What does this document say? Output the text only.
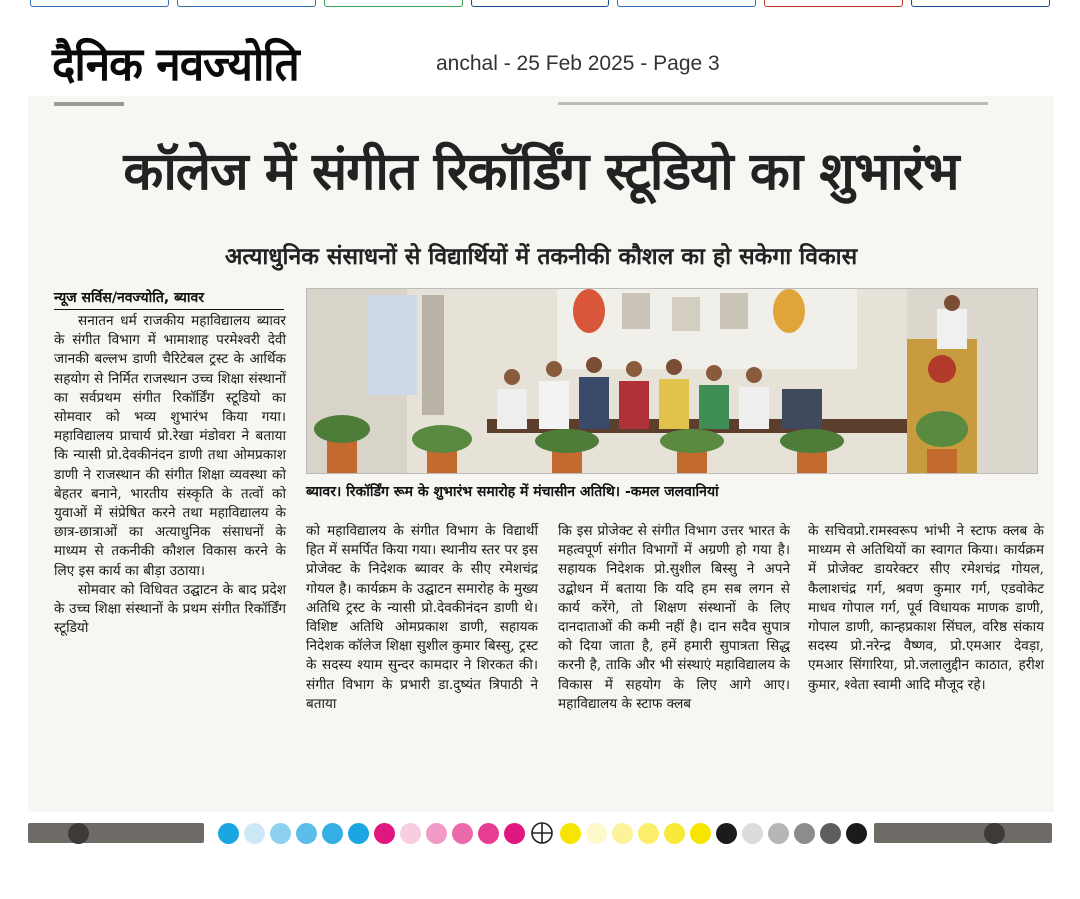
दैनिक नवज्योति	anchal - 25 Feb 2025 - Page 3
कॉलेज में संगीत रिकॉर्डिंग स्टूडियो का शुभारंभ
अत्याधुनिक संसाधनों से विद्यार्थियों में तकनीकी कौशल का हो सकेगा विकास
न्यूज सर्विस/नवज्योति, ब्यावर

सनातन धर्म राजकीय महाविद्यालय ब्यावर के संगीत विभाग में भामाशाह परमेश्वरी देवी जानकी बल्लभ डाणी चैरिटेबल ट्रस्ट के आर्थिक सहयोग से निर्मित राजस्थान उच्च शिक्षा संस्थानों का सर्वप्रथम संगीत रिकॉर्डिंग स्टूडियो का सोमवार को भव्य शुभारंभ किया गया। महाविद्यालय प्राचार्य प्रो.रेखा मंडोवरा ने बताया कि न्यासी प्रो.देवकीनंदन डाणी तथा ओमप्रकाश डाणी ने राजस्थान की संगीत शिक्षा व्यवस्था को बेहतर बनाने, भारतीय संस्कृति के तत्वों को युवाओं में संप्रेषित करने तथा महाविद्यालय के छात्र-छात्राओं का अत्याधुनिक संसाधनों के माध्यम से तकनीकी कौशल विकास करने के लिए इस कार्य का बीड़ा उठाया।

सोमवार को विधिवत उद्घाटन के बाद प्रदेश के उच्च शिक्षा संस्थानों के प्रथम संगीत रिकॉर्डिंग स्टूडियो

ब्यावर। रिकॉर्डिंग रूम के शुभारंभ समारोह में मंचासीन अतिथि। -कमल जलवानियां

को महाविद्यालय के संगीत विभाग के विद्यार्थी हित में समर्पित किया गया। स्थानीय स्तर पर इस प्रोजेक्ट के निदेशक ब्यावर के सीए रमेशचंद्र गोयल है। कार्यक्रम के उद्घाटन समारोह के मुख्य अतिथि ट्रस्ट के न्यासी प्रो.देवकीनंदन डाणी थे। विशिष्ट अतिथि ओमप्रकाश डाणी, सहायक निदेशक कॉलेज शिक्षा सुशील कुमार बिस्सु, ट्रस्ट के सदस्य श्याम सुन्दर कामदार ने शिरकत की। संगीत विभाग के प्रभारी डा.दुष्यंत त्रिपाठी ने बताया

कि इस प्रोजेक्ट से संगीत विभाग उत्तर भारत के महत्वपूर्ण संगीत विभागों में अग्रणी हो गया है। सहायक निदेशक प्रो.सुशील बिस्सु ने अपने उद्बोधन में बताया कि यदि हम सब लगन से कार्य करेंगे, तो शिक्षण संस्थानों के लिए दानदाताओं की कमी नहीं है। दान सदैव सुपात्र को दिया जाता है, हमें हमारी सुपात्रता सिद्ध करनी है, ताकि और भी संस्थाएं महाविद्यालय के विकास में सहयोग के लिए आगे आए। महाविद्यालय के स्टाफ क्लब

के सचिवप्रो.रामस्वरूप भांभी ने स्टाफ क्लब के माध्यम से अतिथियों का स्वागत किया। कार्यक्रम में प्रोजेक्ट डायरेक्टर सीए रमेशचंद्र गोयल, कैलाशचंद्र गर्ग, श्रवण कुमार गर्ग, एडवोकेट माधव गोपाल गर्ग, पूर्व विधायक माणक डाणी, गोपाल डाणी, कान्हप्रकाश सिंघल, वरिष्ठ संकाय सदस्य प्रो.नरेन्द्र वैष्णव, प्रो.एमआर देवड़ा, एमआर सिंगारिया, प्रो.जलालुद्दीन काठात, हरीश कुमार, श्वेता स्वामी आदि मौजूद रहे।
